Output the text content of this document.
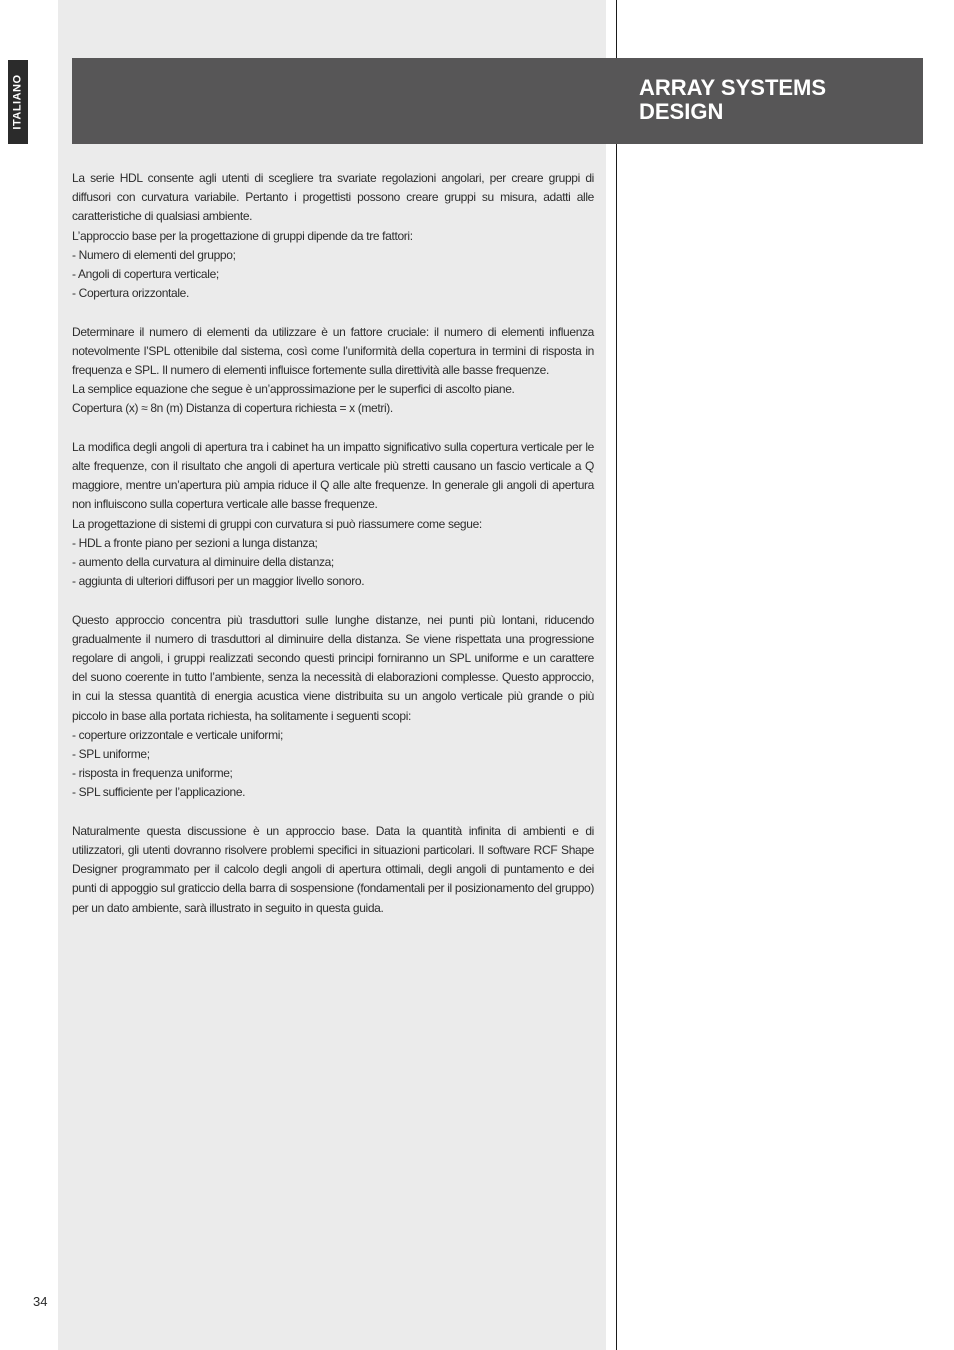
ITALIANO	ARRAY SYSTEMS
DESIGN
La serie HDL consente agli utenti di scegliere tra svariate regolazioni angolari, per creare gruppi di diffusori con curvatura variabile. Pertanto i progettisti possono creare gruppi su misura, adatti alle caratteristiche di qualsiasi ambiente.
L’approccio base per la progettazione di gruppi dipende da tre fattori:
- Numero di elementi del gruppo;
- Angoli di copertura verticale;
- Copertura orizzontale.
Determinare il numero di elementi da utilizzare è un fattore cruciale: il numero di elementi influenza notevolmente l’SPL ottenibile dal sistema, così come l’uniformità della copertura in termini di risposta in frequenza e SPL. Il numero di elementi influisce fortemente sulla direttività alle basse frequenze.
La semplice equazione che segue è un’approssimazione per le superfici di ascolto piane.
Copertura (x) ≈ 8n (m) Distanza di copertura richiesta = x (metri).
La modifica degli angoli di apertura tra i cabinet ha un impatto significativo sulla copertura verticale per le alte frequenze, con il risultato che angoli di apertura verticale più stretti causano un fascio verticale a Q maggiore, mentre un’apertura più ampia riduce il Q alle alte frequenze. In generale gli angoli di apertura non influiscono sulla copertura verticale alle basse frequenze.
La progettazione di sistemi di gruppi con curvatura si può riassumere come segue:
- HDL a fronte piano per sezioni a lunga distanza;
- aumento della curvatura al diminuire della distanza;
- aggiunta di ulteriori diffusori per un maggior livello sonoro.
Questo approccio concentra più trasduttori sulle lunghe distanze, nei punti più lontani, riducendo gradualmente il numero di trasduttori al diminuire della distanza. Se viene rispettata una progressione regolare di angoli, i gruppi realizzati secondo questi principi forniranno un SPL uniforme e un carattere del suono coerente in tutto l’ambiente, senza la necessità di elaborazioni complesse. Questo approccio, in cui la stessa quantità di energia acustica viene distribuita su un angolo verticale più grande o più piccolo in base alla portata richiesta, ha solitamente i seguenti scopi:
- coperture orizzontale e verticale uniformi;
- SPL uniforme;
- risposta in frequenza uniforme;
- SPL sufficiente per l’applicazione.
Naturalmente questa discussione è un approccio base. Data la quantità infinita di ambienti e di utilizzatori, gli utenti dovranno risolvere problemi specifici in situazioni particolari. Il software RCF Shape Designer programmato per il calcolo degli angoli di apertura ottimali, degli angoli di puntamento e dei punti di appoggio sul graticcio della barra di sospensione (fondamentali per il posizionamento del gruppo) per un dato ambiente, sarà illustrato in seguito in questa guida.
34
